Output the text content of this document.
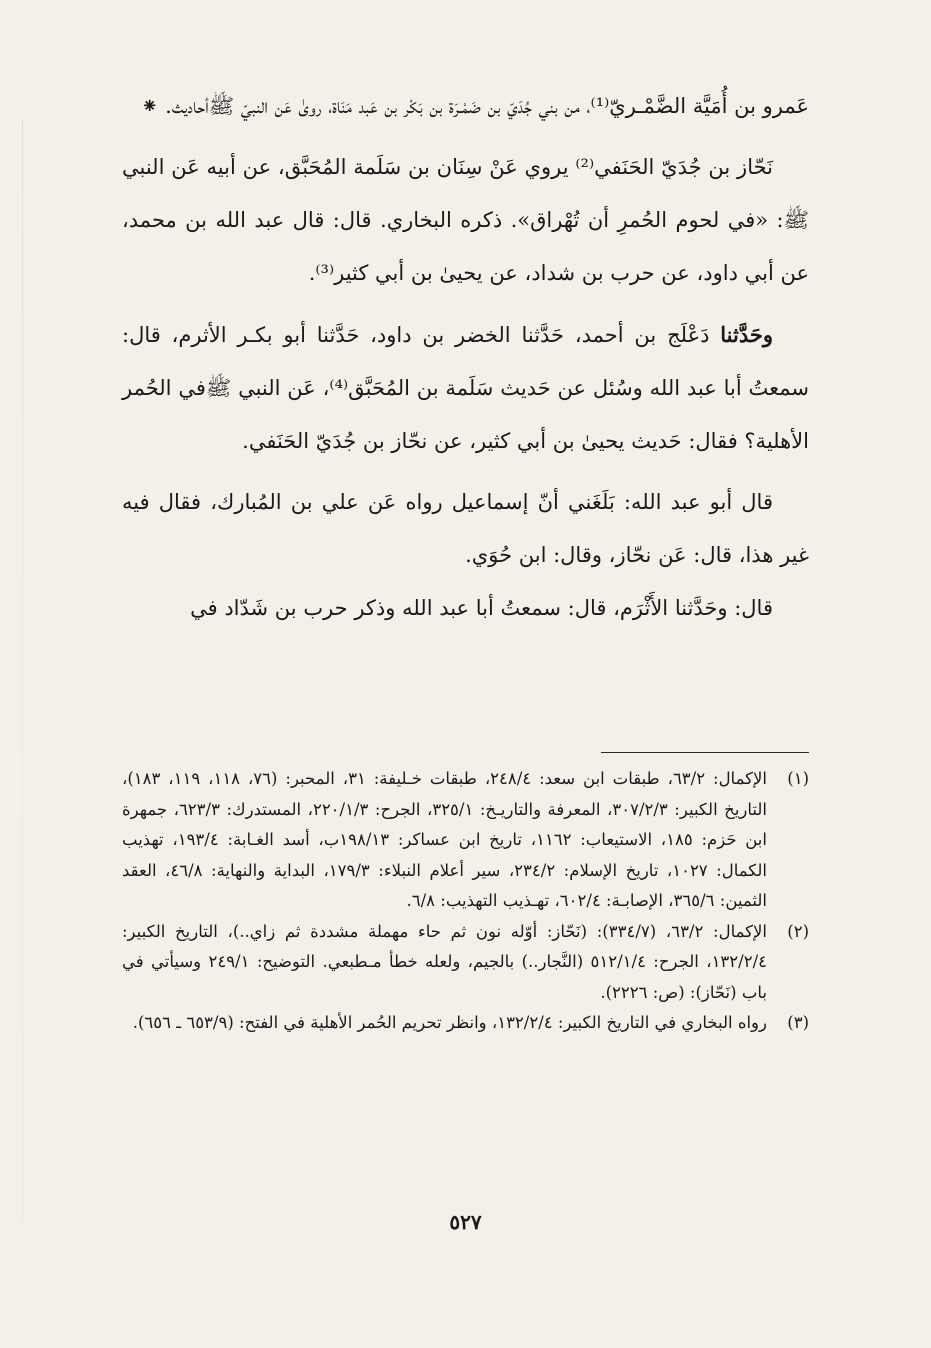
عَمرو بن أُمَيَّة الضَّمْـريّ⁽¹⁾، من بني جُدَيّ بن ضَمْـرَة بن بَكْر بن عَبد مَنَاة، روىٰ عَن النبيّ ﷺأحاديث. ⁕

نَحّاز بن جُدَيّ الحَنَفي⁽²⁾ يروي عَنْ سِنَان بن سَلَمة المُحَبَّق، عن أبيه عَن النبي ﷺ: «في لحوم الحُمرِ أن تُهْراق». ذكره البخاري. قال: قال عبد الله بن محمد، عن أبي داود، عن حرب بن شداد، عن يحيىٰ بن أبي كثير⁽³⁾.

وحَدَّثنا دَعْلَج بن أحمد، حَدَّثنا الخضر بن داود، حَدَّثنا أبو بكـر الأثرم، قال: سمعتُ أبا عبد الله وسُئل عن حَديث سَلَمة بن المُحَبَّق⁽⁴⁾، عَن النبي ﷺفي الحُمر الأهلية؟ فقال: حَديث يحيىٰ بن أبي كثير، عن نحّاز بن جُدَيّ الحَنَفي.

قال أبو عبد الله: بَلَغَني أنّ إسماعيل رواه عَن علي بن المُبارك، فقال فيه غير هذا، قال: عَن نحّاز، وقال: ابن حُوَي.

قال: وحَدَّثنا الأَثْرَم، قال: سمعتُ أبا عبد الله وذكر حرب بن شَدّاد في

(١)
الإكمال: ٦٣/٢، طبقات ابن سعد: ٢٤٨/٤، طبقات خـليفة: ٣١، المحبر: (٧٦، ١١٨، ١١٩، ١٨٣)، التاريخ الكبير: ٣٠٧/٢/٣، المعرفة والتاريـخ: ٣٢٥/١، الجرح: ٢٢٠/١/٣، المستدرك: ٦٢٣/٣، جمهرة ابن حَزم: ١٨٥، الاستيعاب: ١١٦٢، تاريخ ابن عساكر: ١٩٨/١٣ب، أسد الغـابة: ١٩٣/٤، تهذيب الكمال: ١٠٢٧، تاريخ الإسلام: ٢٣٤/٢، سير أعلام النبلاء: ١٧٩/٣، البداية والنهاية: ٤٦/٨، العقد الثمين: ٣٦٥/٦، الإصابـة: ٦٠٢/٤، تهـذيب التهذيب: ٦/٨.

(٢)
الإكمال: ٦٣/٢، (٣٣٤/٧): (نَحّاز: أوّله نون ثم حاء مهملة مشددة ثم زاي..)، التاريخ الكبير: ١٣٢/٢/٤، الجرح: ٥١٢/١/٤ (النَّجار..) بالجيم، ولعله خطأ مـطبعي. التوضيح: ٢٤٩/١ وسيأتي في باب (نَحّاز): (ص: ٢٢٢٦).

(٣)
رواه البخاري في التاريخ الكبير: ١٣٢/٢/٤، وانظر تحريم الحُمر الأهلية في الفتح: (٦٥٣/٩ ـ ٦٥٦).

٥٢٧
